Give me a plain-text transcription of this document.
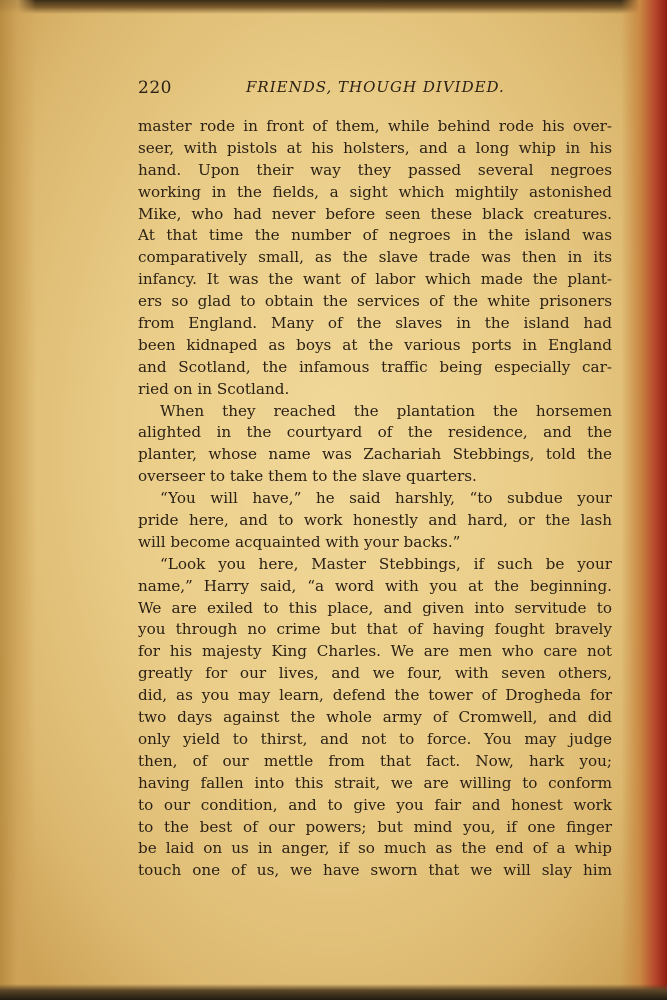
220	FRIENDS, THOUGH DIVIDED.
master rode in front of them, while behind rode his over-
seer, with pistols at his holsters, and a long whip in his
hand. Upon their way they passed several negroes
working in the fields, a sight which mightily astonished
Mike, who had never before seen these black creatures.
At that time the number of negroes in the island was
comparatively small, as the slave trade was then in its
infancy. It was the want of labor which made the plant-
ers so glad to obtain the services of the white prisoners
from England. Many of the slaves in the island had
been kidnaped as boys at the various ports in England
and Scotland, the infamous traffic being especially car-
ried on in Scotland.
When they reached the plantation the horsemen
alighted in the courtyard of the residence, and the
planter, whose name was Zachariah Stebbings, told the
overseer to take them to the slave quarters.
“You will have,” he said harshly, “to subdue your
pride here, and to work honestly and hard, or the lash
will become acquainted with your backs.”
“Look you here, Master Stebbings, if such be your
name,” Harry said, “a word with you at the beginning.
We are exiled to this place, and given into servitude to
you through no crime but that of having fought bravely
for his majesty King Charles. We are men who care not
greatly for our lives, and we four, with seven others,
did, as you may learn, defend the tower of Drogheda for
two days against the whole army of Cromwell, and did
only yield to thirst, and not to force. You may judge
then, of our mettle from that fact. Now, hark you;
having fallen into this strait, we are willing to conform
to our condition, and to give you fair and honest work
to the best of our powers; but mind you, if one finger
be laid on us in anger, if so much as the end of a whip
touch one of us, we have sworn that we will slay him
